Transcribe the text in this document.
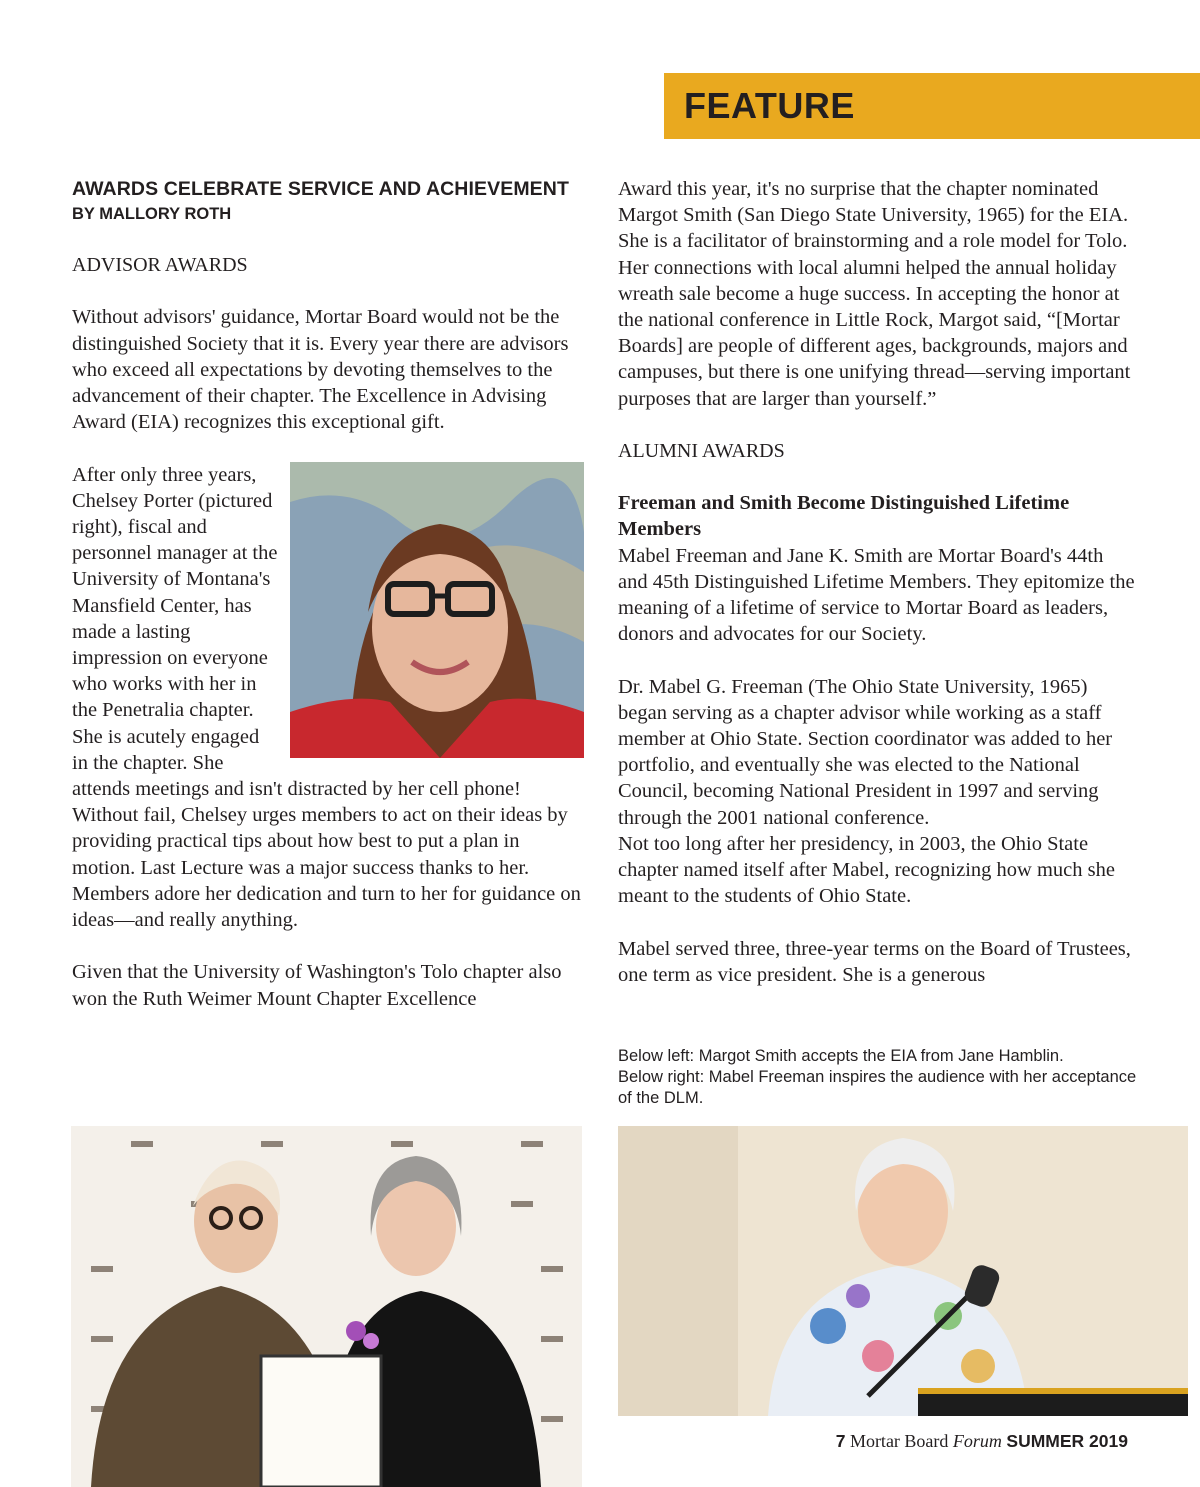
FEATURE
AWARDS CELEBRATE SERVICE AND ACHIEVEMENT
BY MALLORY ROTH
ADVISOR AWARDS

Without advisors' guidance, Mortar Board would not be the distinguished Society that it is. Every year there are advisors who exceed all expectations by devoting themselves to the advancement of their chapter. The Excellence in Advising Award (EIA) recognizes this exceptional gift.

After only three years, Chelsey Porter (pictured right), fiscal and personnel manager at the University of Montana's Mansfield Center, has made a lasting impression on everyone who works with her in the Penetralia chapter. She is acutely engaged in the chapter. She attends meetings and isn't distracted by her cell phone! Without fail, Chelsey urges members to act on their ideas by providing practical tips about how best to put a plan in motion. Last Lecture was a major success thanks to her. Members adore her dedication and turn to her for guidance on ideas—and really anything.

Given that the University of Washington's Tolo chapter also won the Ruth Weimer Mount Chapter Excellence

Award this year, it's no surprise that the chapter nominated Margot Smith (San Diego State University, 1965) for the EIA. She is a facilitator of brainstorming and a role model for Tolo. Her connections with local alumni helped the annual holiday wreath sale become a huge success. In accepting the honor at the national conference in Little Rock, Margot said, “[Mortar Boards] are people of different ages, backgrounds, majors and campuses, but there is one unifying thread—serving important purposes that are larger than yourself.”

ALUMNI AWARDS
Freeman and Smith Become Distinguished Lifetime Members

Mabel Freeman and Jane K. Smith are Mortar Board's 44th and 45th Distinguished Lifetime Members. They epitomize the meaning of a lifetime of service to Mortar Board as leaders, donors and advocates for our Society.

Dr. Mabel G. Freeman (The Ohio State University, 1965) began serving as a chapter advisor while working as a staff member at Ohio State. Section coordinator was added to her portfolio, and eventually she was elected to the National Council, becoming National President in 1997 and serving through the 2001 national conference.

Not too long after her presidency, in 2003, the Ohio State chapter named itself after Mabel, recognizing how much she meant to the students of Ohio State.

Mabel served three, three-year terms on the Board of Trustees, one term as vice president. She is a generous

Below left: Margot Smith accepts the EIA from Jane Hamblin.
Below right: Mabel Freeman inspires the audience with her acceptance of the DLM.
7 Mortar Board Forum SUMMER 2019
